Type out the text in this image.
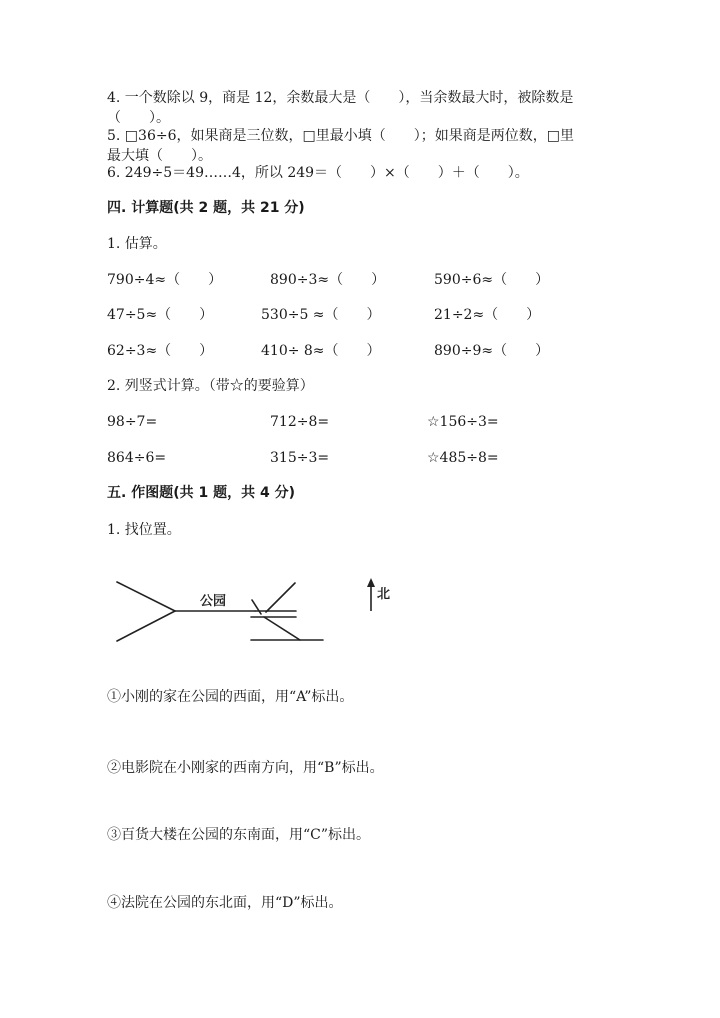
4. 一个数除以 9，商是 12，余数最大是（　　），当余数最大时，被除数是
（　　）。
5. □36÷6，如果商是三位数，□里最小填（　　）；如果商是两位数，□里
最大填（　　）。
6. 249÷5＝49……4，所以 249＝（　　）×（　　）＋（　　）。
四. 计算题(共 2 题，共 21 分)
1. 估算。
790÷4≈（　　）	890÷3≈（　　）	590÷6≈（　　）
47÷5≈（　　）	530÷5 ≈（　　）	21÷2≈（　　）
62÷3≈（　　）	410÷ 8≈（　　）	890÷9≈（　　）
2. 列竖式计算。（带☆的要验算）
98÷7=	712÷8=	☆156÷3=
864÷6=	315÷3=	☆485÷8=
五. 作图题(共 1 题，共 4 分)
1. 找位置。
公园	北
①小刚的家在公园的西面，用“A”标出。
②电影院在小刚家的西南方向，用“B”标出。
③百货大楼在公园的东南面，用“C”标出。
④法院在公园的东北面，用“D”标出。
